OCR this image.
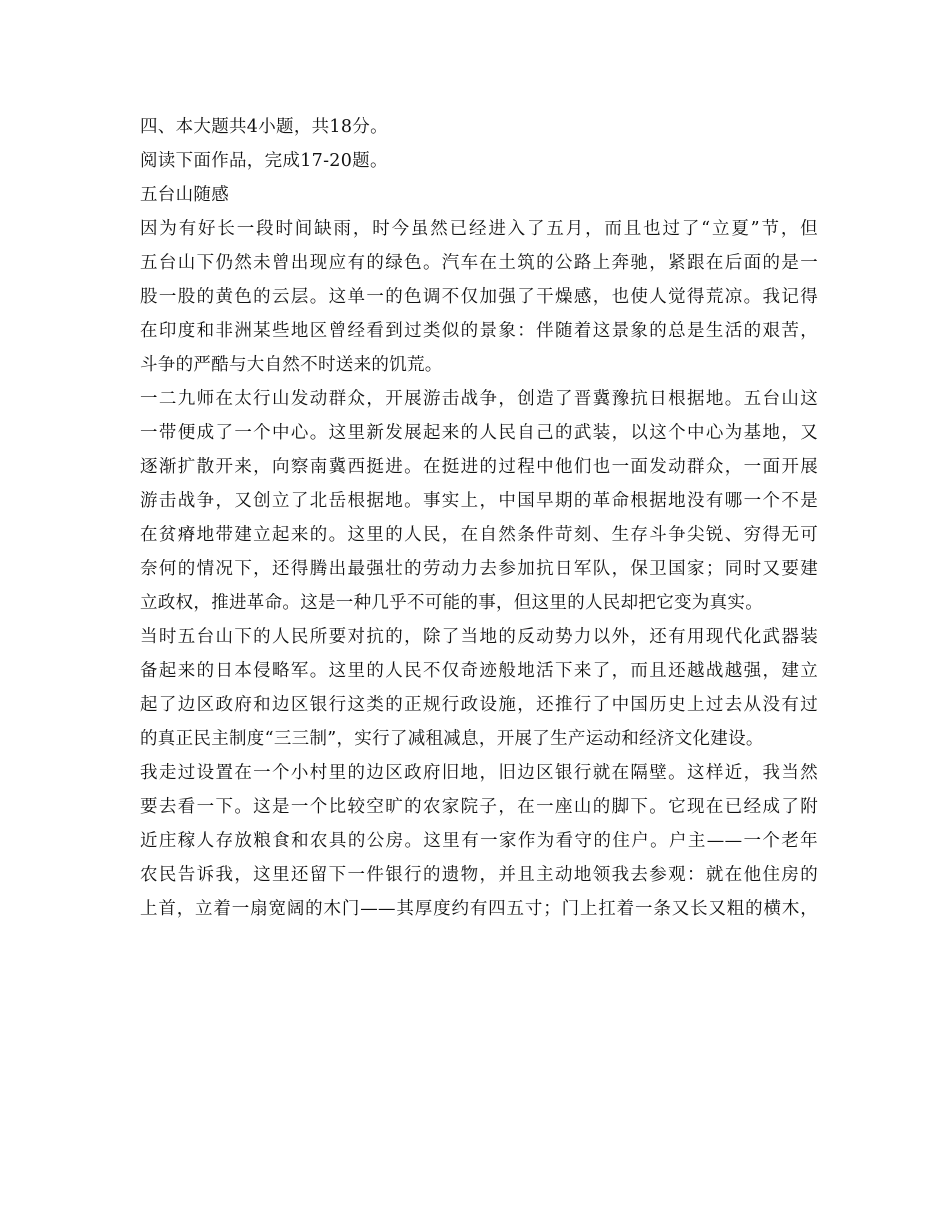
四、本大题共4小题，共18分。
阅读下面作品，完成17-20题。
五台山随感
因为有好长一段时间缺雨，时今虽然已经进入了五月，而且也过了“立夏”节，但
五台山下仍然未曾出现应有的绿色。汽车在土筑的公路上奔驰，紧跟在后面的是一
股一股的黄色的云层。这单一的色调不仅加强了干燥感，也使人觉得荒凉。我记得
在印度和非洲某些地区曾经看到过类似的景象：伴随着这景象的总是生活的艰苦，
斗争的严酷与大自然不时送来的饥荒。
一二九师在太行山发动群众，开展游击战争，创造了晋冀豫抗日根据地。五台山这
一带便成了一个中心。这里新发展起来的人民自己的武装，以这个中心为基地，又
逐渐扩散开来，向察南冀西挺进。在挺进的过程中他们也一面发动群众，一面开展
游击战争，又创立了北岳根据地。事实上，中国早期的革命根据地没有哪一个不是
在贫瘠地带建立起来的。这里的人民，在自然条件苛刻、生存斗争尖锐、穷得无可
奈何的情况下，还得腾出最强壮的劳动力去参加抗日军队，保卫国家；同时又要建
立政权，推进革命。这是一种几乎不可能的事，但这里的人民却把它变为真实。
当时五台山下的人民所要对抗的，除了当地的反动势力以外，还有用现代化武器装
备起来的日本侵略军。这里的人民不仅奇迹般地活下来了，而且还越战越强，建立
起了边区政府和边区银行这类的正规行政设施，还推行了中国历史上过去从没有过
的真正民主制度“三三制”，实行了减租减息，开展了生产运动和经济文化建设。
我走过设置在一个小村里的边区政府旧地，旧边区银行就在隔壁。这样近，我当然
要去看一下。这是一个比较空旷的农家院子，在一座山的脚下。它现在已经成了附
近庄稼人存放粮食和农具的公房。这里有一家作为看守的住户。户主——一个老年
农民告诉我，这里还留下一件银行的遗物，并且主动地领我去参观：就在他住房的
上首，立着一扇宽阔的木门——其厚度约有四五寸；门上扛着一条又长又粗的横木，
